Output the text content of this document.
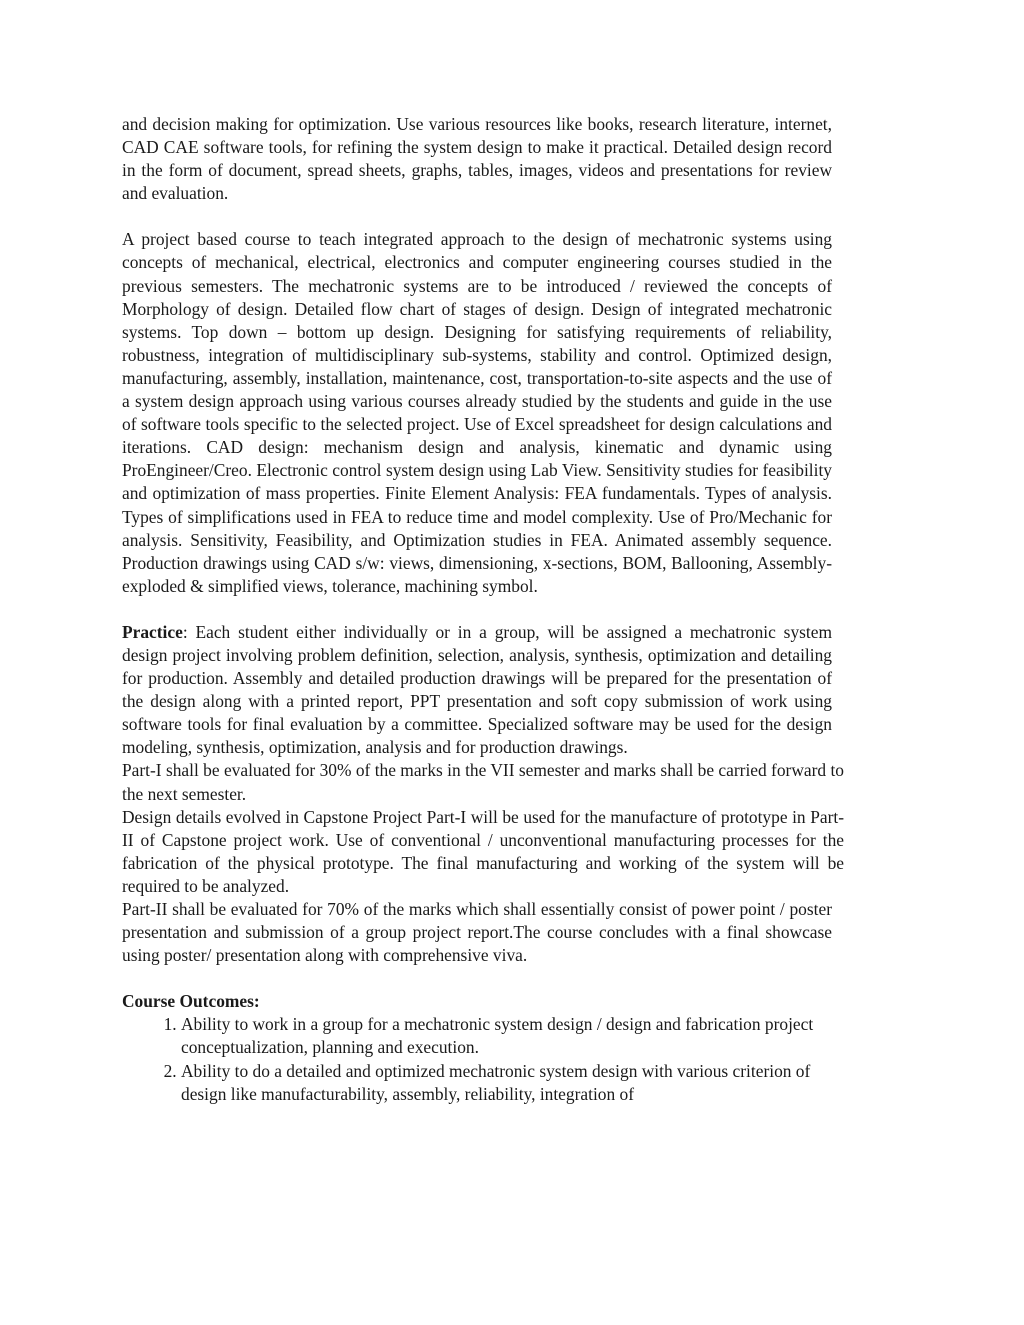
and decision making for optimization. Use various resources like books, research literature, internet, CAD CAE software tools, for refining the system design to make it practical. Detailed design record in the form of document, spread sheets, graphs, tables, images, videos and presentations for review and evaluation.

A project based course to teach integrated approach to the design of mechatronic systems using concepts of mechanical, electrical, electronics and computer engineering courses studied in the previous semesters. The mechatronic systems are to be introduced / reviewed the concepts of Morphology of design. Detailed flow chart of stages of design. Design of integrated mechatronic systems. Top down – bottom up design. Designing for satisfying requirements of reliability, robustness, integration of multidisciplinary sub-systems, stability and control. Optimized design, manufacturing, assembly, installation, maintenance, cost, transportation-to-site aspects and the use of a system design approach using various courses already studied by the students and guide in the use of software tools specific to the selected project. Use of Excel spreadsheet for design calculations and iterations. CAD design: mechanism design and analysis, kinematic and dynamic using ProEngineer/Creo. Electronic control system design using Lab View. Sensitivity studies for feasibility and optimization of mass properties. Finite Element Analysis: FEA fundamentals. Types of analysis. Types of simplifications used in FEA to reduce time and model complexity. Use of Pro/Mechanic for analysis. Sensitivity, Feasibility, and Optimization studies in FEA. Animated assembly sequence. Production drawings using CAD s/w: views, dimensioning, x-sections, BOM, Ballooning, Assembly-exploded & simplified views, tolerance, machining symbol.

Practice: Each student either individually or in a group, will be assigned a mechatronic system design project involving problem definition, selection, analysis, synthesis, optimization and detailing for production. Assembly and detailed production drawings will be prepared for the presentation of the design along with a printed report, PPT presentation and soft copy submission of work using software tools for final evaluation by a committee. Specialized software may be used for the design modeling, synthesis, optimization, analysis and for production drawings.

Part-I shall be evaluated for 30% of the marks in the VII semester and marks shall be carried forward to the next semester.

Design details evolved in Capstone Project Part-I will be used for the manufacture of prototype in Part-II of Capstone project work. Use of conventional / unconventional manufacturing processes for the fabrication of the physical prototype. The final manufacturing and working of the system will be required to be analyzed.

Part-II shall be evaluated for 70% of the marks which shall essentially consist of power point / poster presentation and submission of a group project report.The course concludes with a final showcase using poster/ presentation along with comprehensive viva.

Course Outcomes:

1. Ability to work in a group for a mechatronic system design / design and fabrication project conceptualization, planning and execution.
2. Ability to do a detailed and optimized mechatronic system design with various criterion of design like manufacturability, assembly, reliability, integration of
